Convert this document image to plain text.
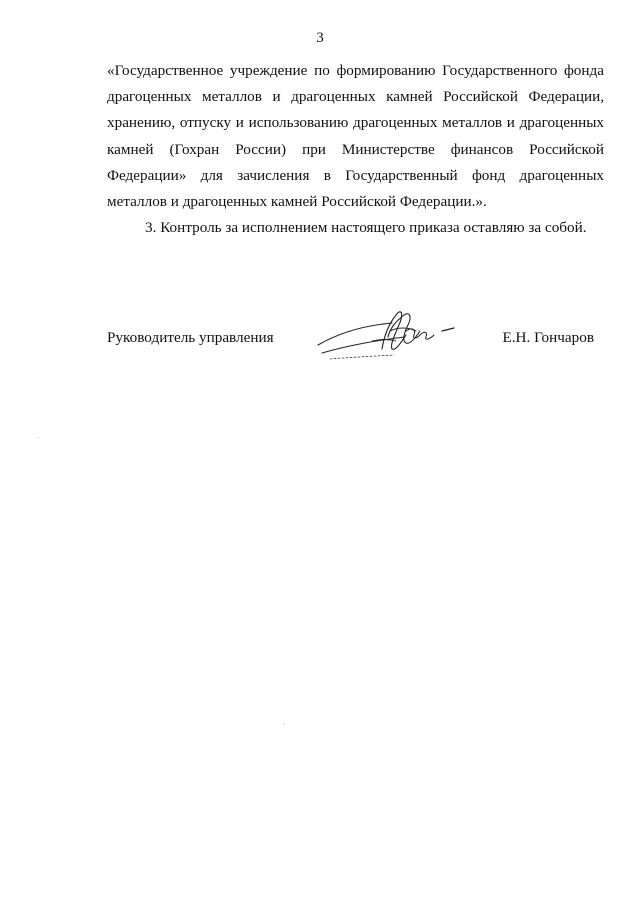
3

«Государственное учреждение по формированию Государственного фонда драгоценных металлов и драгоценных камней Российской Федерации, хранению, отпуску и использованию драгоценных металлов и драгоценных камней (Гохран России) при Министерстве финансов Российской Федерации» для зачисления в Государственный фонд драгоценных металлов и драгоценных камней Российской Федерации.».

3. Контроль за исполнением настоящего приказа оставляю за собой.

Руководитель управления	Е.Н. Гончаров
